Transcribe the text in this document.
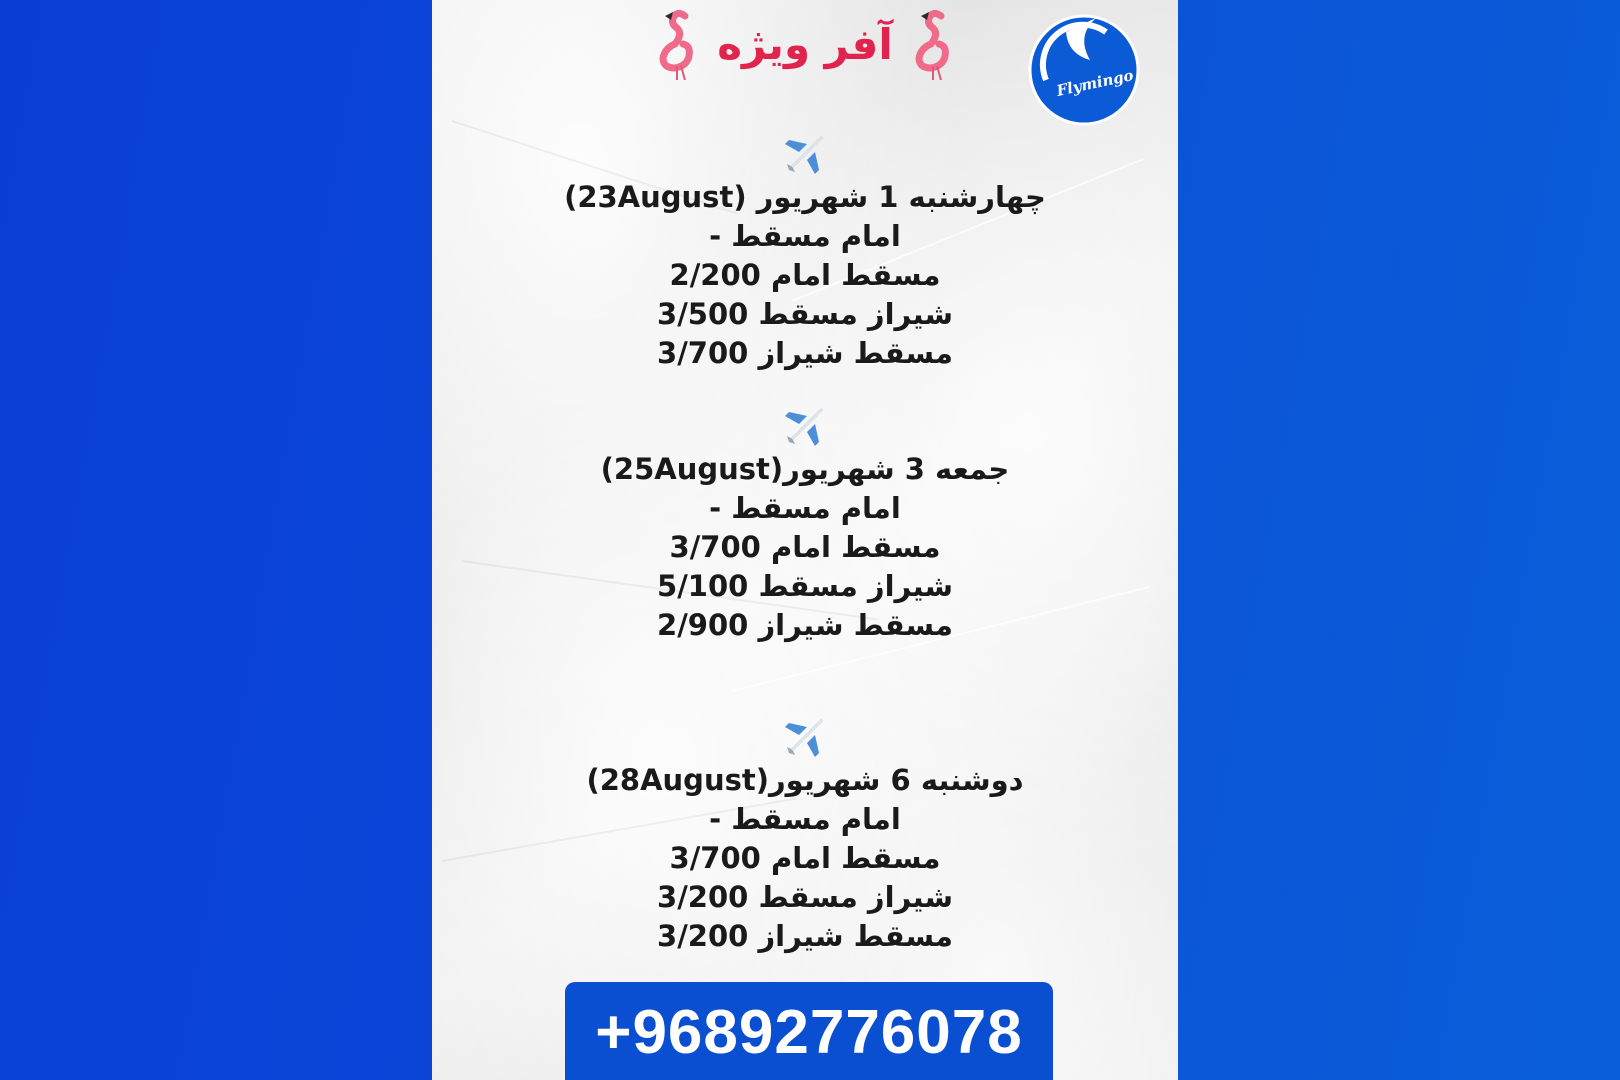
آفر ویژه
Flymingo
چهارشنبه 1 شهریور (23August)
امام مسقط -
مسقط امام 2/200
شیراز مسقط 3/500
مسقط شیراز 3/700
جمعه 3 شهریور(25August)
امام مسقط -
مسقط امام 3/700
شیراز مسقط 5/100
مسقط شیراز 2/900
دوشنبه 6 شهریور(28August)
امام مسقط -
مسقط امام 3/700
شیراز مسقط 3/200
مسقط شیراز 3/200
+96892776078
